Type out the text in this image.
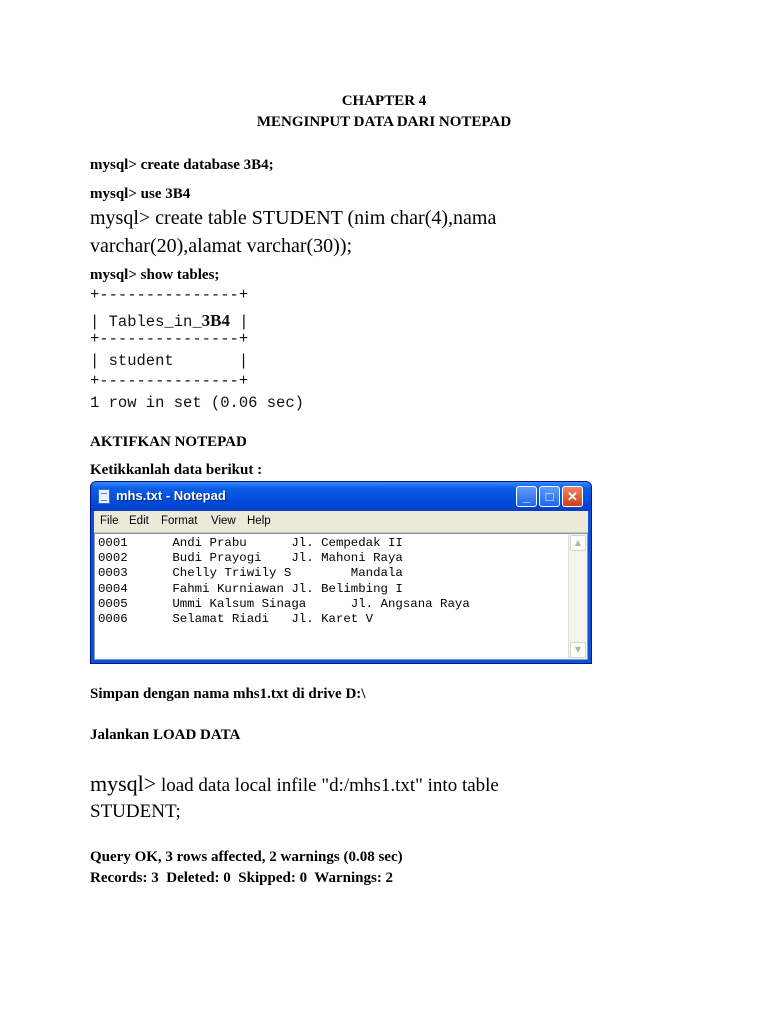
CHAPTER 4
MENGINPUT DATA DARI NOTEPAD
mysql> create database 3B4;
mysql> use 3B4
mysql> create table STUDENT (nim char(4),nama
varchar(20),alamat varchar(30));
mysql> show tables;
+---------------+
| Tables_in_3B4 |
+---------------+
| student       |
+---------------+
1 row in set (0.06 sec)
AKTIFKAN NOTEPAD
Ketikkanlah data berikut :
mhs.txt - Notepad	_	□	✕
File Edit Format View Help
0001      Andi Prabu      Jl. Cempedak II
0002      Budi Prayogi    Jl. Mahoni Raya
0003      Chelly Triwily S        Mandala
0004      Fahmi Kurniawan Jl. Belimbing I
0005      Ummi Kalsum Sinaga      Jl. Angsana Raya
0006      Selamat Riadi   Jl. Karet V
▲
▼
Simpan dengan nama mhs1.txt di drive D:\
Jalankan LOAD DATA
mysql> load data local infile "d:/mhs1.txt" into table
STUDENT;
Query OK, 3 rows affected, 2 warnings (0.08 sec)
Records: 3  Deleted: 0  Skipped: 0  Warnings: 2
